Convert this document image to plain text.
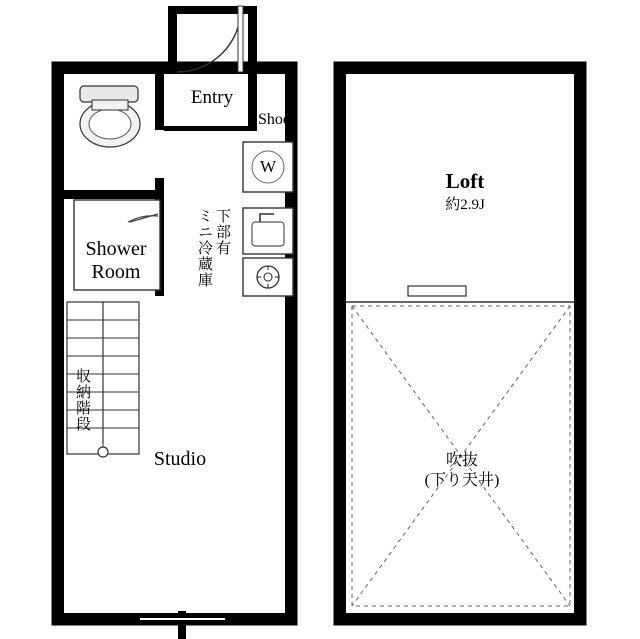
Studio
Shower
Room
Entry
Shoe.
W
Loft
約2.9J
吹抜
(下り天井)
収納階段
ミニ冷蔵庫 下部有
